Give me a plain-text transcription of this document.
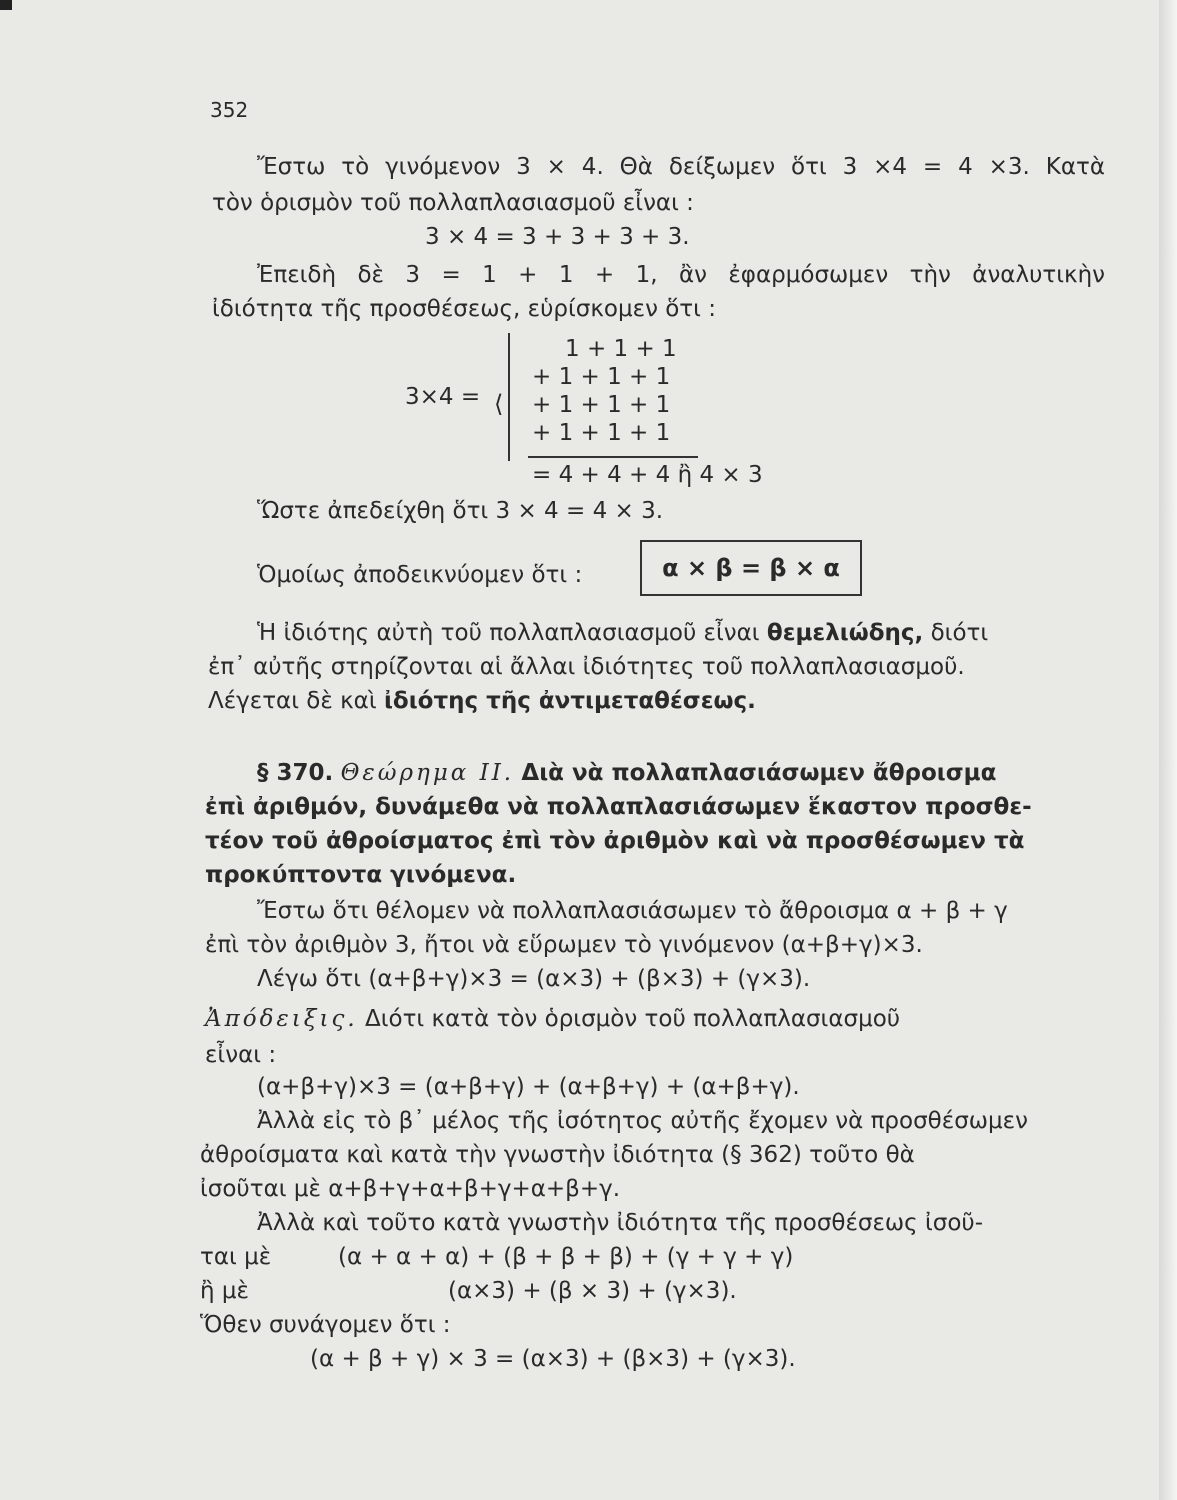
352
Ἔστω τὸ γινόμενον 3 × 4. Θὰ δείξωμεν ὅτι 3 ×4 = 4 ×3. Κατὰ
τὸν ὁρισμὸν τοῦ πολλαπλασιασμοῦ εἶναι :
3 × 4 = 3 + 3 + 3 + 3.
Ἐπειδὴ δὲ 3 = 1 + 1 + 1, ἂν ἐφαρμόσωμεν τὴν ἀναλυτικὴν
ἰδιότητα τῆς προσθέσεως, εὑρίσκομεν ὅτι :
3×4 = ⟨
1 + 1 + 1
+ 1 + 1 + 1
+ 1 + 1 + 1
+ 1 + 1 + 1
= 4 + 4 + 4 ἢ 4 × 3
Ὥστε ἀπεδείχθη ὅτι 3 × 4 = 4 × 3.
Ὁμοίως ἀποδεικνύομεν ὅτι :	α × β = β × α
Ἡ ἰδιότης αὐτὴ τοῦ πολλαπλασιασμοῦ εἶναι θεμελιώδης, διότι
ἐπ᾽ αὐτῆς στηρίζονται αἱ ἄλλαι ἰδιότητες τοῦ πολλαπλασιασμοῦ.
Λέγεται δὲ καὶ ἰδιότης τῆς ἀντιμεταθέσεως.
§ 370. Θεώρημα II. Διὰ νὰ πολλαπλασιάσωμεν ἄθροισμα
ἐπὶ ἀριθμόν, δυνάμεθα νὰ πολλαπλασιάσωμεν ἕκαστον προσθε-
τέον τοῦ ἀθροίσματος ἐπὶ τὸν ἀριθμὸν καὶ νὰ προσθέσωμεν τὰ
προκύπτοντα γινόμενα.
Ἔστω ὅτι θέλομεν νὰ πολλαπλασιάσωμεν τὸ ἄθροισμα α + β + γ
ἐπὶ τὸν ἀριθμὸν 3, ἤτοι νὰ εὕρωμεν τὸ γινόμενον (α+β+γ)×3.
Λέγω ὅτι (α+β+γ)×3 = (α×3) + (β×3) + (γ×3).
Ἀπόδειξις. Διότι κατὰ τὸν ὁρισμὸν τοῦ πολλαπλασιασμοῦ
εἶναι :
(α+β+γ)×3 = (α+β+γ) + (α+β+γ) + (α+β+γ).
Ἀλλὰ εἰς τὸ β᾽ μέλος τῆς ἰσότητος αὐτῆς ἔχομεν νὰ προσθέσωμεν
ἀθροίσματα καὶ κατὰ τὴν γνωστὴν ἰδιότητα (§ 362) τοῦτο θὰ
ἰσοῦται μὲ α+β+γ+α+β+γ+α+β+γ.
Ἀλλὰ καὶ τοῦτο κατὰ γνωστὴν ἰδιότητα τῆς προσθέσεως ἰσοῦ-
ται μὲ	(α + α + α) + (β + β + β) + (γ + γ + γ)
ἢ μὲ	(α×3) + (β × 3) + (γ×3).
Ὅθεν συνάγομεν ὅτι :
(α + β + γ) × 3 = (α×3) + (β×3) + (γ×3).
